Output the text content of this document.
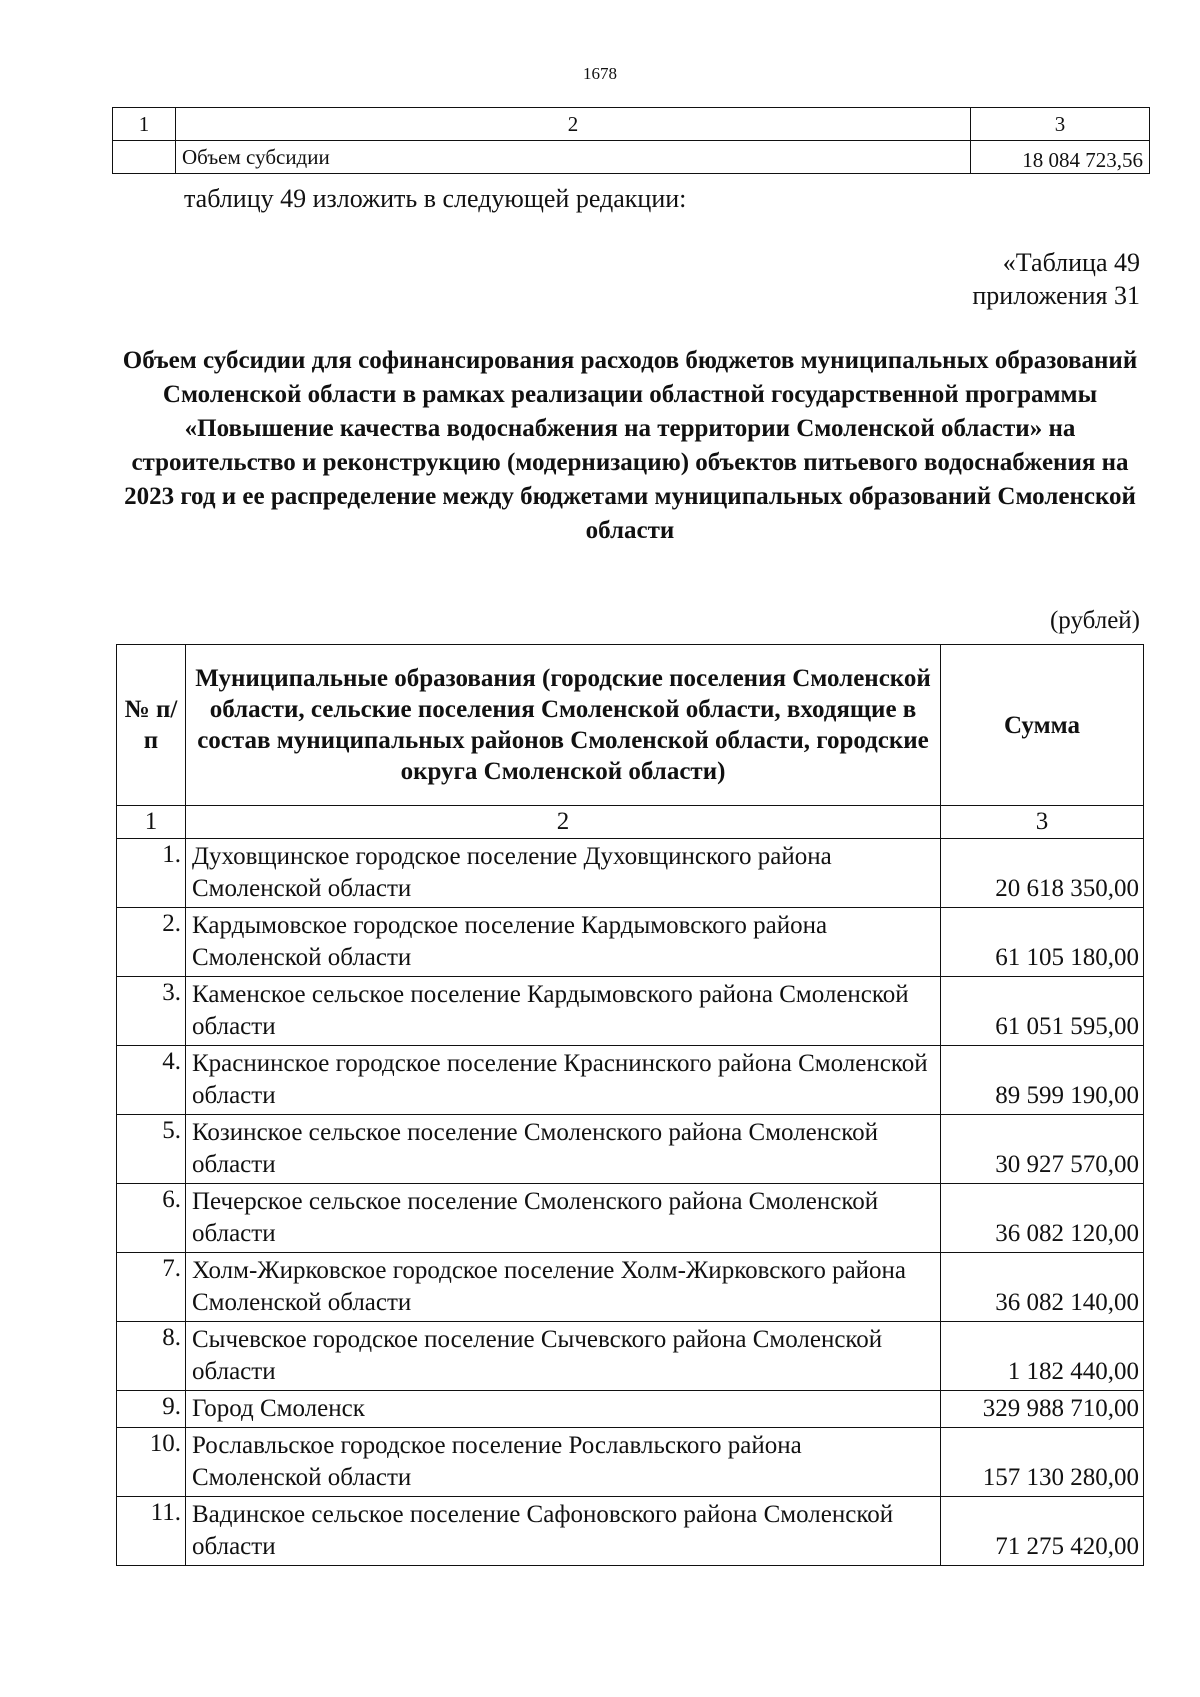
1678
1	2	3
	Объем субсидии	18 084 723,56
таблицу 49 изложить в следующей редакции:
«Таблица 49
приложения 31
Объем субсидии для софинансирования расходов бюджетов муниципальных образований Смоленской области в рамках реализации областной государственной программы «Повышение качества водоснабжения на территории Смоленской области» на строительство и реконструкцию (модернизацию) объектов питьевого водоснабжения на 2023 год и ее распределение между бюджетами муниципальных образований Смоленской области
(рублей)
№ п/п	Муниципальные образования (городские поселения Смоленской области, сельские поселения Смоленской области, входящие в состав муниципальных районов Смоленской области, городские округа Смоленской области)	Сумма
1	2	3
1.	Духовщинское городское поселение Духовщинского района Смоленской области	20 618 350,00
2.	Кардымовское городское поселение Кардымовского района Смоленской области	61 105 180,00
3.	Каменское сельское поселение Кардымовского района Смоленской области	61 051 595,00
4.	Краснинское городское поселение Краснинского района Смоленской области	89 599 190,00
5.	Козинское сельское поселение Смоленского района Смоленской области	30 927 570,00
6.	Печерское сельское поселение Смоленского района Смоленской области	36 082 120,00
7.	Холм-Жирковское городское поселение Холм-Жирковского района Смоленской области	36 082 140,00
8.	Сычевское городское поселение Сычевского района Смоленской области	1 182 440,00
9.	Город Смоленск	329 988 710,00
10.	Рославльское городское поселение Рославльского района Смоленской области	157 130 280,00
11.	Вадинское сельское поселение Сафоновского района Смоленской области	71 275 420,00
